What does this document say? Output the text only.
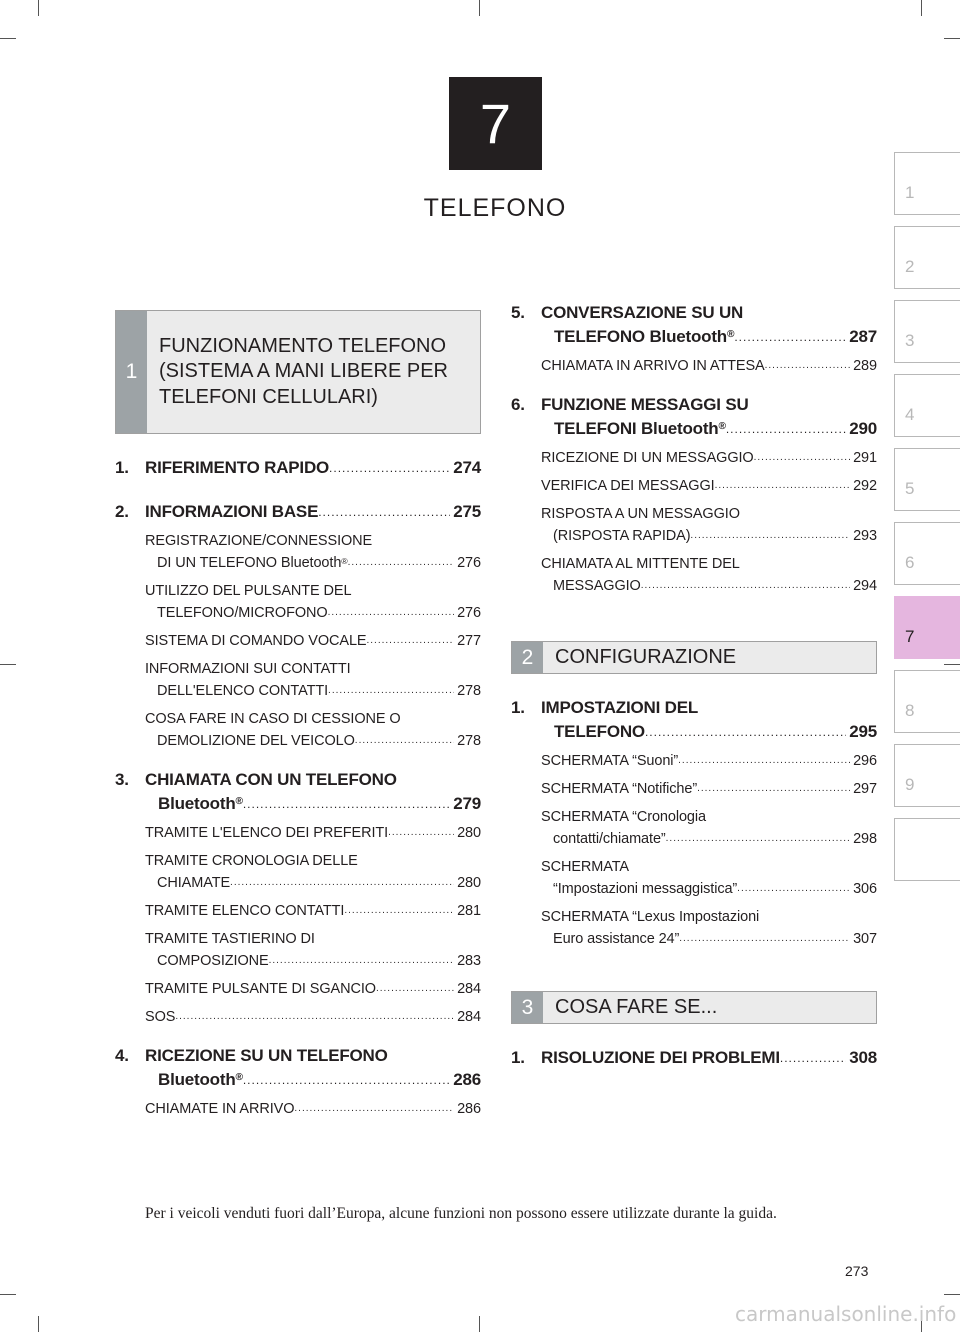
7
TELEFONO
1
2
3
4
5
6
7
8
9
1
FUNZIONAMENTO TELEFONO (SISTEMA A MANI LIBERE PER TELEFONI CELLULARI)
1. RIFERIMENTO RAPIDO .....	274
2. INFORMAZIONI BASE .....	275
REGISTRAZIONE/CONNESSIONE
DI UN TELEFONO Bluetooth® .....	276
UTILIZZO DEL PULSANTE DEL
TELEFONO/MICROFONO .....	276
SISTEMA DI COMANDO VOCALE .....	277
INFORMAZIONI SUI CONTATTI
DELL'ELENCO CONTATTI .....	278
COSA FARE IN CASO DI CESSIONE O
DEMOLIZIONE DEL VEICOLO .....	278
3. CHIAMATA CON UN TELEFONO
Bluetooth® .....	279
TRAMITE L'ELENCO DEI PREFERITI .....	280
TRAMITE CRONOLOGIA DELLE
CHIAMATE .....	280
TRAMITE ELENCO CONTATTI .....	281
TRAMITE TASTIERINO DI
COMPOSIZIONE .....	283
TRAMITE PULSANTE DI SGANCIO .....	284
SOS .....	284
4. RICEZIONE SU UN TELEFONO
Bluetooth® .....	286
CHIAMATE IN ARRIVO .....	286
5. CONVERSAZIONE SU UN
TELEFONO Bluetooth® .....	287
CHIAMATA IN ARRIVO IN ATTESA .....	289
6. FUNZIONE MESSAGGI SU
TELEFONI Bluetooth® .....	290
RICEZIONE DI UN MESSAGGIO .....	291
VERIFICA DEI MESSAGGI .....	292
RISPOSTA A UN MESSAGGIO
(RISPOSTA RAPIDA) .....	293
CHIAMATA AL MITTENTE DEL
MESSAGGIO .....	294
2	CONFIGURAZIONE
1. IMPOSTAZIONI DEL
TELEFONO .....	295
SCHERMATA “Suoni” .....	296
SCHERMATA “Notifiche” .....	297
SCHERMATA “Cronologia
contatti/chiamate” .....	298
SCHERMATA
“Impostazioni messaggistica” .....	306
SCHERMATA “Lexus Impostazioni
Euro assistance 24” .....	307
3	COSA FARE SE...
1. RISOLUZIONE DEI PROBLEMI .....	308
Per i veicoli venduti fuori dall’Europa, alcune funzioni non possono essere utilizzate durante la guida.
273
carmanualsonline.info
